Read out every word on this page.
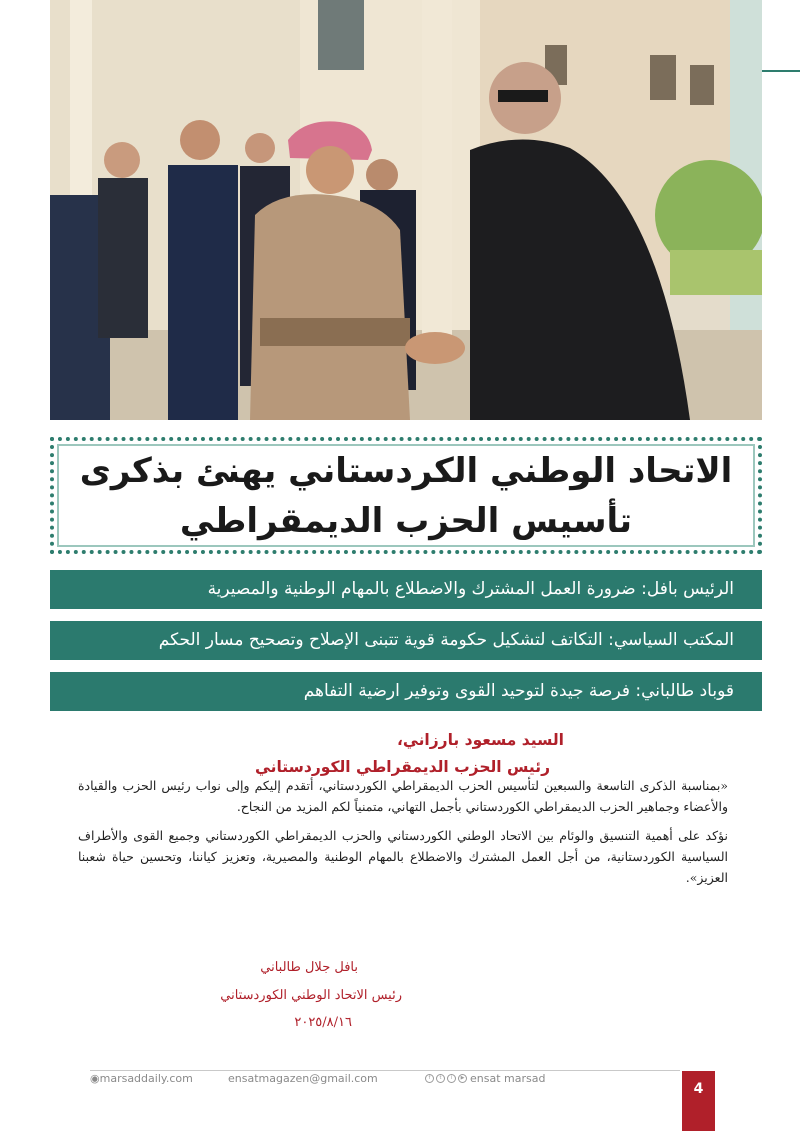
الاتحاد الوطني الكردستاني يهنئ بذكرى
تأسيس الحزب الديمقراطي
الرئيس بافل: ضرورة العمل المشترك والاضطلاع بالمهام الوطنية والمصيرية
المكتب السياسي: التكاتف لتشكيل حكومة قوية تتبنى الإصلاح وتصحيح مسار الحكم
قوباد طالباني: فرصة جيدة لتوحيد القوى وتوفير ارضية التفاهم
السيد مسعود بارزاني،
رئيس الحزب الديمقراطي الكوردستاني

«بمناسبة الذكرى التاسعة والسبعين لتأسيس الحزب الديمقراطي الكوردستاني، أتقدم إليكم وإلى نواب رئيس الحزب والقيادة والأعضاء وجماهير الحزب الديمقراطي الكوردستاني بأجمل التهاني، متمنياً لكم المزيد من النجاح.

نؤكد على أهمية التنسيق والوئام بين الاتحاد الوطني الكوردستاني والحزب الديمقراطي الكوردستاني وجميع القوى والأطراف السياسية الكوردستانية، من أجل العمل المشترك والاضطلاع بالمهام الوطنية والمصيرية، وتعزيز كياننا، وتحسين حياة شعبنا العزيز».

بافل جلال طالباني
رئيس الاتحاد الوطني الكوردستاني
٢٠٢٥/٨/١٦
◉marsaddaily.com	ensatmagazen@gmail.com	f	t	i	▶ ensat marsad
4
